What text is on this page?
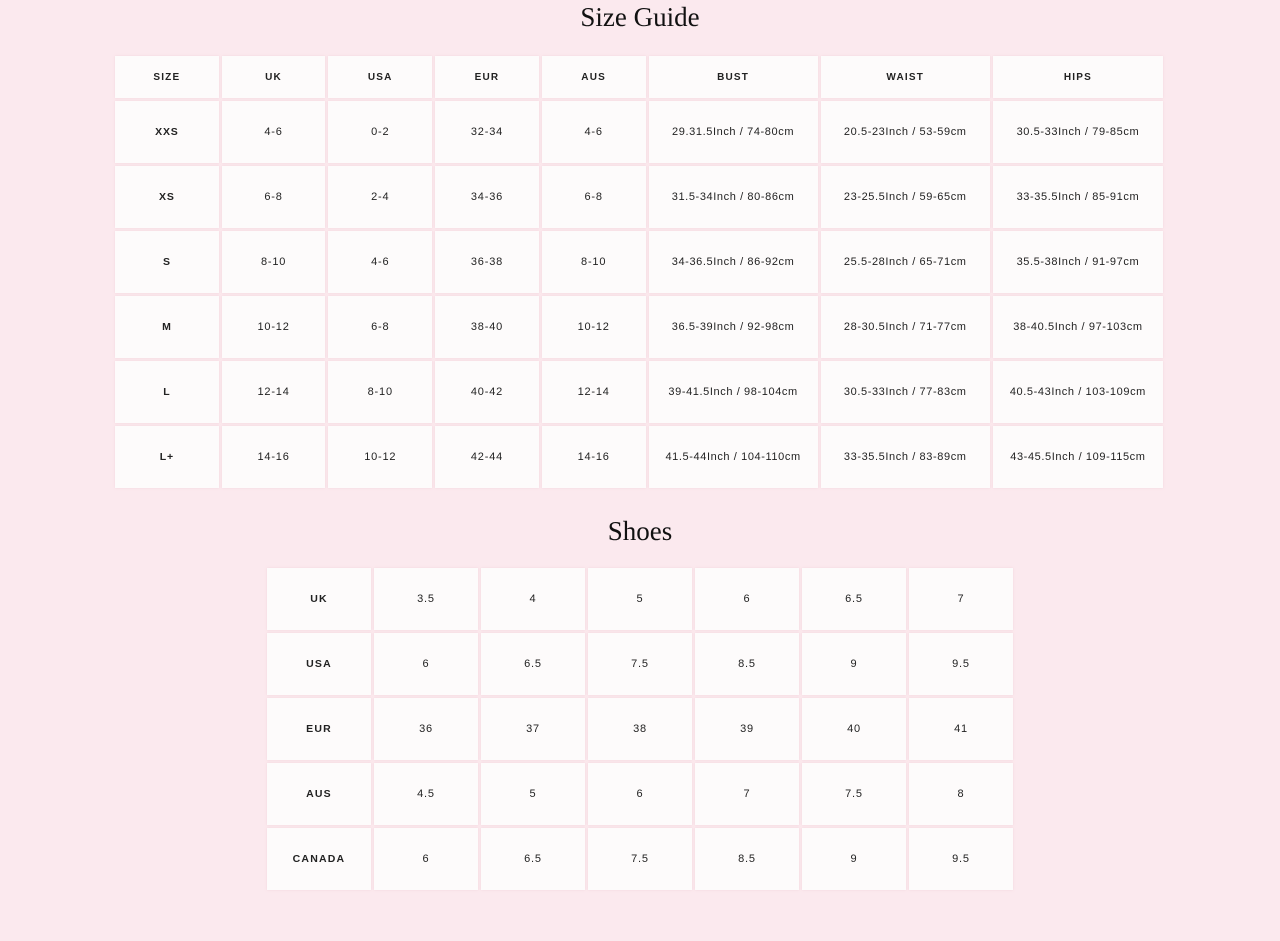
Size Guide
SIZE	UK	USA	EUR	AUS	BUST	WAIST	HIPS
XXS	4-6	0-2	32-34	4-6	29.31.5Inch / 74-80cm	20.5-23Inch / 53-59cm	30.5-33Inch / 79-85cm
XS	6-8	2-4	34-36	6-8	31.5-34Inch / 80-86cm	23-25.5Inch / 59-65cm	33-35.5Inch / 85-91cm
S	8-10	4-6	36-38	8-10	34-36.5Inch / 86-92cm	25.5-28Inch / 65-71cm	35.5-38Inch / 91-97cm
M	10-12	6-8	38-40	10-12	36.5-39Inch / 92-98cm	28-30.5Inch / 71-77cm	38-40.5Inch / 97-103cm
L	12-14	8-10	40-42	12-14	39-41.5Inch / 98-104cm	30.5-33Inch / 77-83cm	40.5-43Inch / 103-109cm
L+	14-16	10-12	42-44	14-16	41.5-44Inch / 104-110cm	33-35.5Inch / 83-89cm	43-45.5Inch / 109-115cm
Shoes
UK	3.5	4	5	6	6.5	7
USA	6	6.5	7.5	8.5	9	9.5
EUR	36	37	38	39	40	41
AUS	4.5	5	6	7	7.5	8
CANADA	6	6.5	7.5	8.5	9	9.5
